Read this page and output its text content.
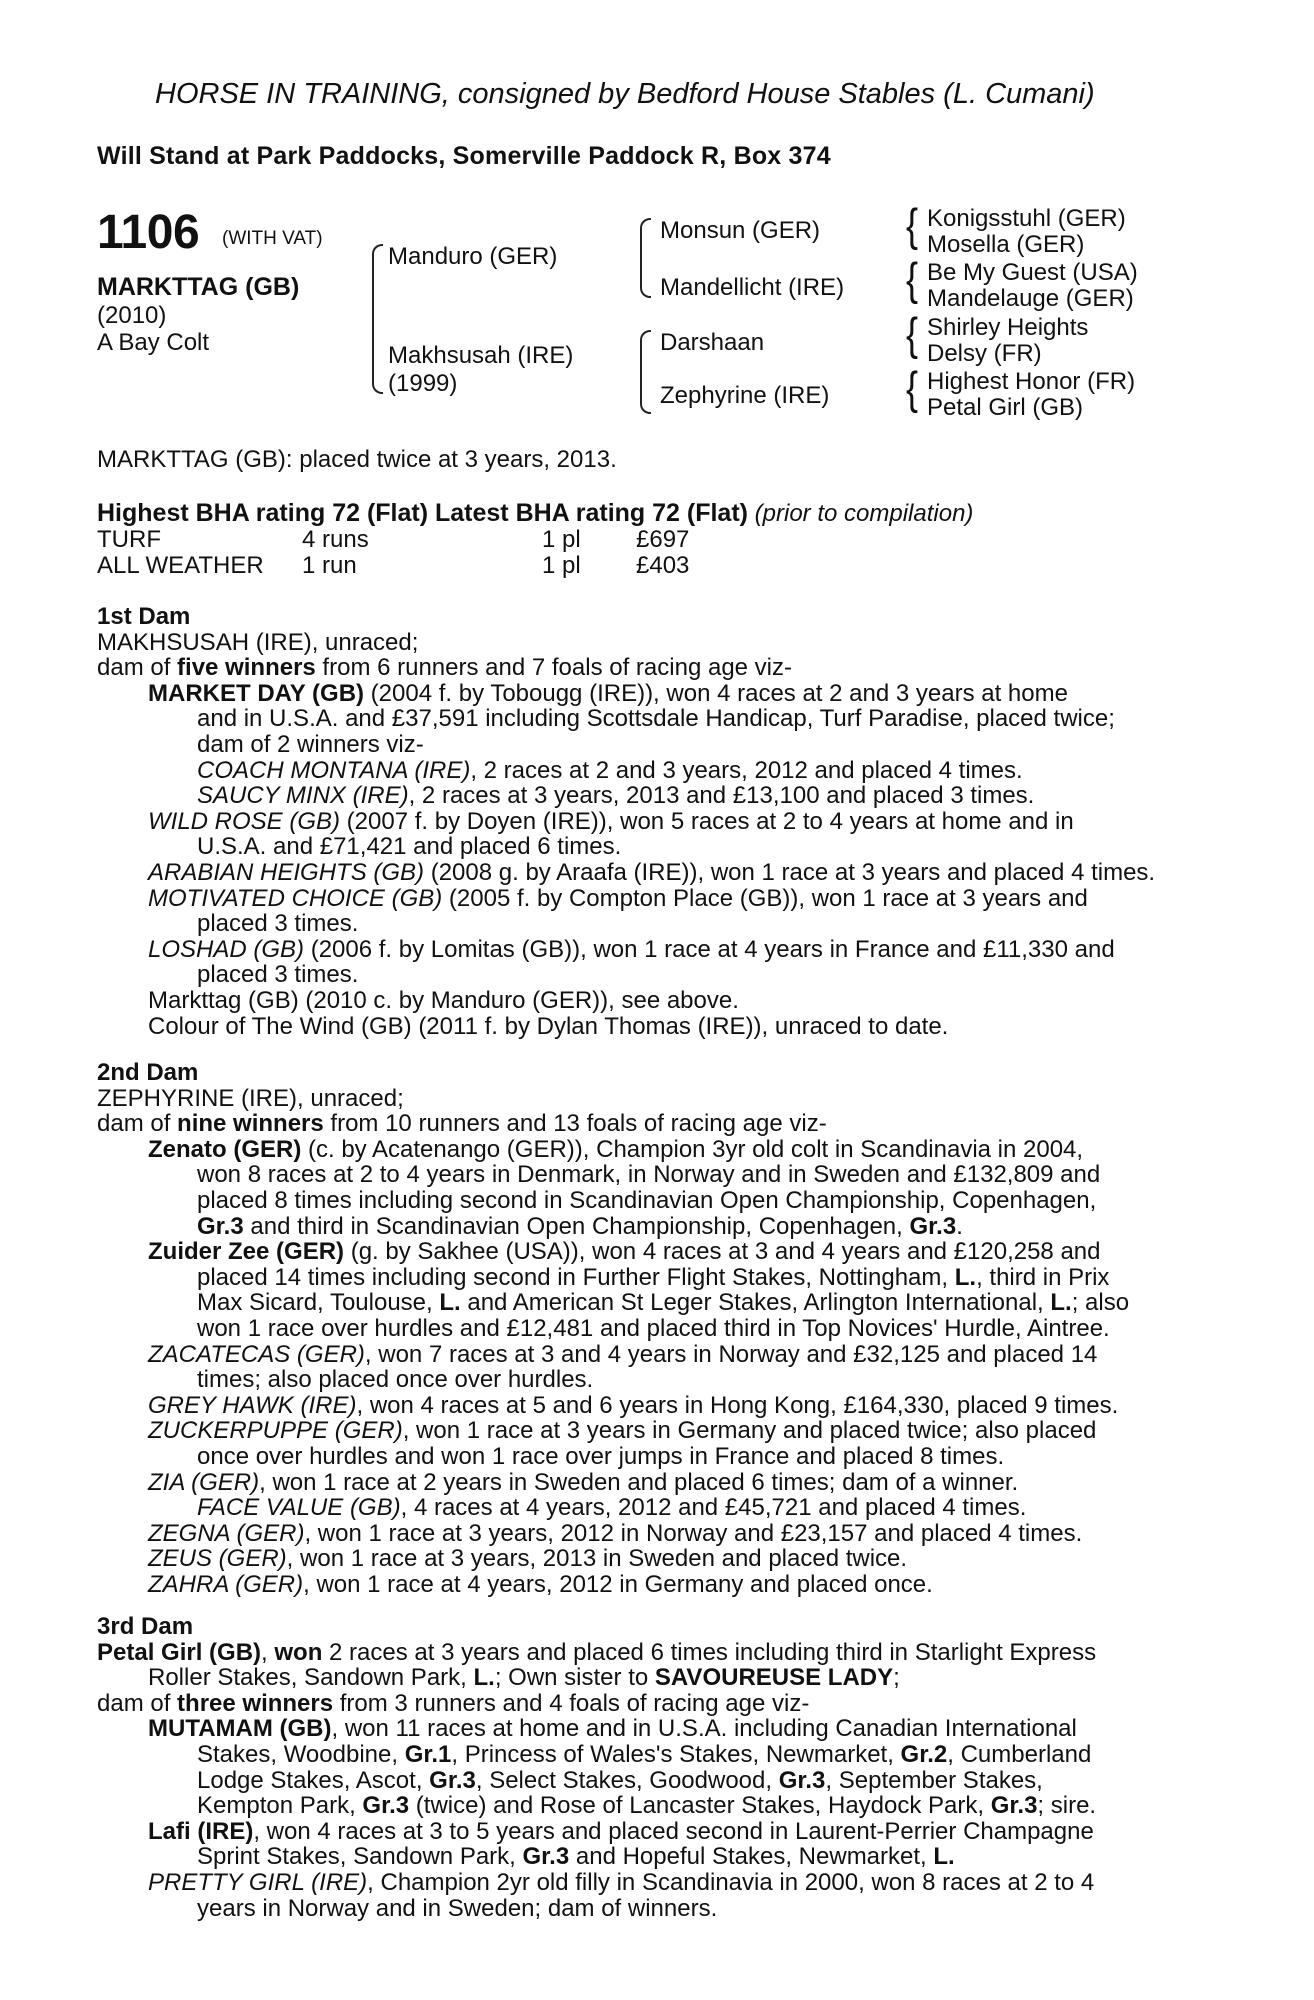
HORSE IN TRAINING, consigned by Bedford House Stables (L. Cumani)
Will Stand at Park Paddocks, Somerville Paddock R, Box 374
1106 (WITH VAT)
MARKTTAG (GB)
(2010)
A Bay Colt
Manduro (GER)
Makhsusah (IRE)
(1999)
Monsun (GER)
Mandellicht (IRE)
Darshaan
Zephyrine (IRE)
{ Konigsstuhl (GER)
Mosella (GER)
{ Be My Guest (USA)
Mandelauge (GER)
{ Shirley Heights
Delsy (FR)
{ Highest Honor (FR)
Petal Girl (GB)
MARKTTAG (GB): placed twice at 3 years, 2013.
Highest BHA rating 72 (Flat) Latest BHA rating 72 (Flat) (prior to compilation)
TURF	4 runs	1 pl £697
ALL WEATHER 1 run	1 pl £403
1st Dam
MAKHSUSAH (IRE), unraced;
dam of five winners from 6 runners and 7 foals of racing age viz-
MARKET DAY (GB) (2004 f. by Tobougg (IRE)), won 4 races at 2 and 3 years at home
and in U.S.A. and £37,591 including Scottsdale Handicap, Turf Paradise, placed twice;
dam of 2 winners viz-
COACH MONTANA (IRE), 2 races at 2 and 3 years, 2012 and placed 4 times.
SAUCY MINX (IRE), 2 races at 3 years, 2013 and £13,100 and placed 3 times.
WILD ROSE (GB) (2007 f. by Doyen (IRE)), won 5 races at 2 to 4 years at home and in
U.S.A. and £71,421 and placed 6 times.
ARABIAN HEIGHTS (GB) (2008 g. by Araafa (IRE)), won 1 race at 3 years and placed 4 times.
MOTIVATED CHOICE (GB) (2005 f. by Compton Place (GB)), won 1 race at 3 years and
placed 3 times.
LOSHAD (GB) (2006 f. by Lomitas (GB)), won 1 race at 4 years in France and £11,330 and
placed 3 times.
Markttag (GB) (2010 c. by Manduro (GER)), see above.
Colour of The Wind (GB) (2011 f. by Dylan Thomas (IRE)), unraced to date.
2nd Dam
ZEPHYRINE (IRE), unraced;
dam of nine winners from 10 runners and 13 foals of racing age viz-
Zenato (GER) (c. by Acatenango (GER)), Champion 3yr old colt in Scandinavia in 2004,
won 8 races at 2 to 4 years in Denmark, in Norway and in Sweden and £132,809 and
placed 8 times including second in Scandinavian Open Championship, Copenhagen,
Gr.3 and third in Scandinavian Open Championship, Copenhagen, Gr.3.
Zuider Zee (GER) (g. by Sakhee (USA)), won 4 races at 3 and 4 years and £120,258 and
placed 14 times including second in Further Flight Stakes, Nottingham, L., third in Prix
Max Sicard, Toulouse, L. and American St Leger Stakes, Arlington International, L.; also
won 1 race over hurdles and £12,481 and placed third in Top Novices' Hurdle, Aintree.
ZACATECAS (GER), won 7 races at 3 and 4 years in Norway and £32,125 and placed 14
times; also placed once over hurdles.
GREY HAWK (IRE), won 4 races at 5 and 6 years in Hong Kong, £164,330, placed 9 times.
ZUCKERPUPPE (GER), won 1 race at 3 years in Germany and placed twice; also placed
once over hurdles and won 1 race over jumps in France and placed 8 times.
ZIA (GER), won 1 race at 2 years in Sweden and placed 6 times; dam of a winner.
FACE VALUE (GB), 4 races at 4 years, 2012 and £45,721 and placed 4 times.
ZEGNA (GER), won 1 race at 3 years, 2012 in Norway and £23,157 and placed 4 times.
ZEUS (GER), won 1 race at 3 years, 2013 in Sweden and placed twice.
ZAHRA (GER), won 1 race at 4 years, 2012 in Germany and placed once.
3rd Dam
Petal Girl (GB), won 2 races at 3 years and placed 6 times including third in Starlight Express
Roller Stakes, Sandown Park, L.; Own sister to SAVOUREUSE LADY;
dam of three winners from 3 runners and 4 foals of racing age viz-
MUTAMAM (GB), won 11 races at home and in U.S.A. including Canadian International
Stakes, Woodbine, Gr.1, Princess of Wales's Stakes, Newmarket, Gr.2, Cumberland
Lodge Stakes, Ascot, Gr.3, Select Stakes, Goodwood, Gr.3, September Stakes,
Kempton Park, Gr.3 (twice) and Rose of Lancaster Stakes, Haydock Park, Gr.3; sire.
Lafi (IRE), won 4 races at 3 to 5 years and placed second in Laurent-Perrier Champagne
Sprint Stakes, Sandown Park, Gr.3 and Hopeful Stakes, Newmarket, L.
PRETTY GIRL (IRE), Champion 2yr old filly in Scandinavia in 2000, won 8 races at 2 to 4
years in Norway and in Sweden; dam of winners.
